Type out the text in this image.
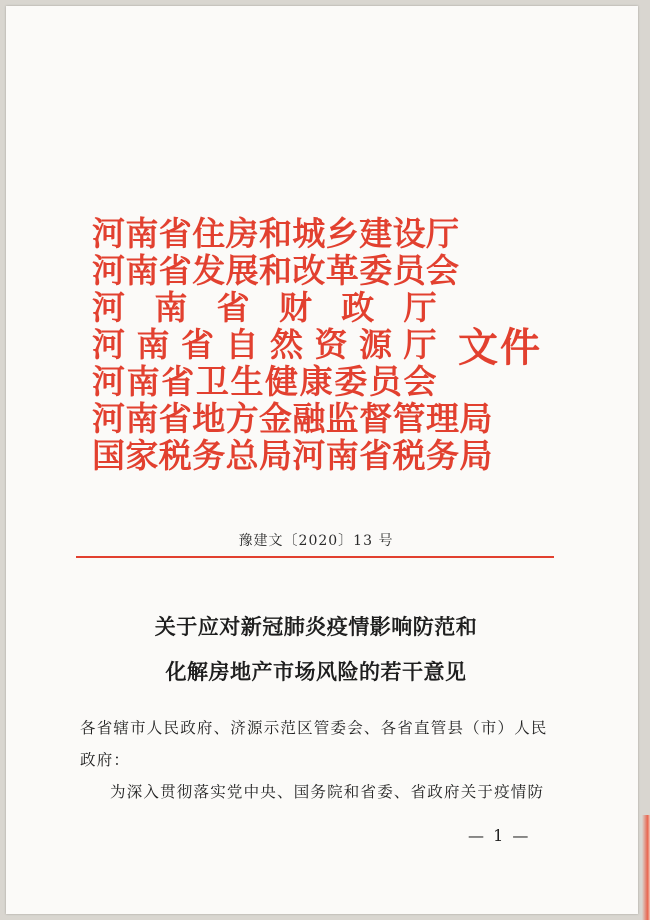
河南省住房和城乡建设厅
河南省发展和改革委员会
河 南 省 财 政 厅
河 南 省 自 然 资 源 厅
河 南 省 卫 生 健 康 委 员 会
河南省地方金融监督管理局
国家税务总局河南省税务局
文件
豫建文〔2020〕13 号
关于应对新冠肺炎疫情影响防范和
化解房地产市场风险的若干意见
各省辖市人民政府、济源示范区管委会、各省直管县（市）人民
政府：
为深入贯彻落实党中央、国务院和省委、省政府关于疫情防
— 1 —
